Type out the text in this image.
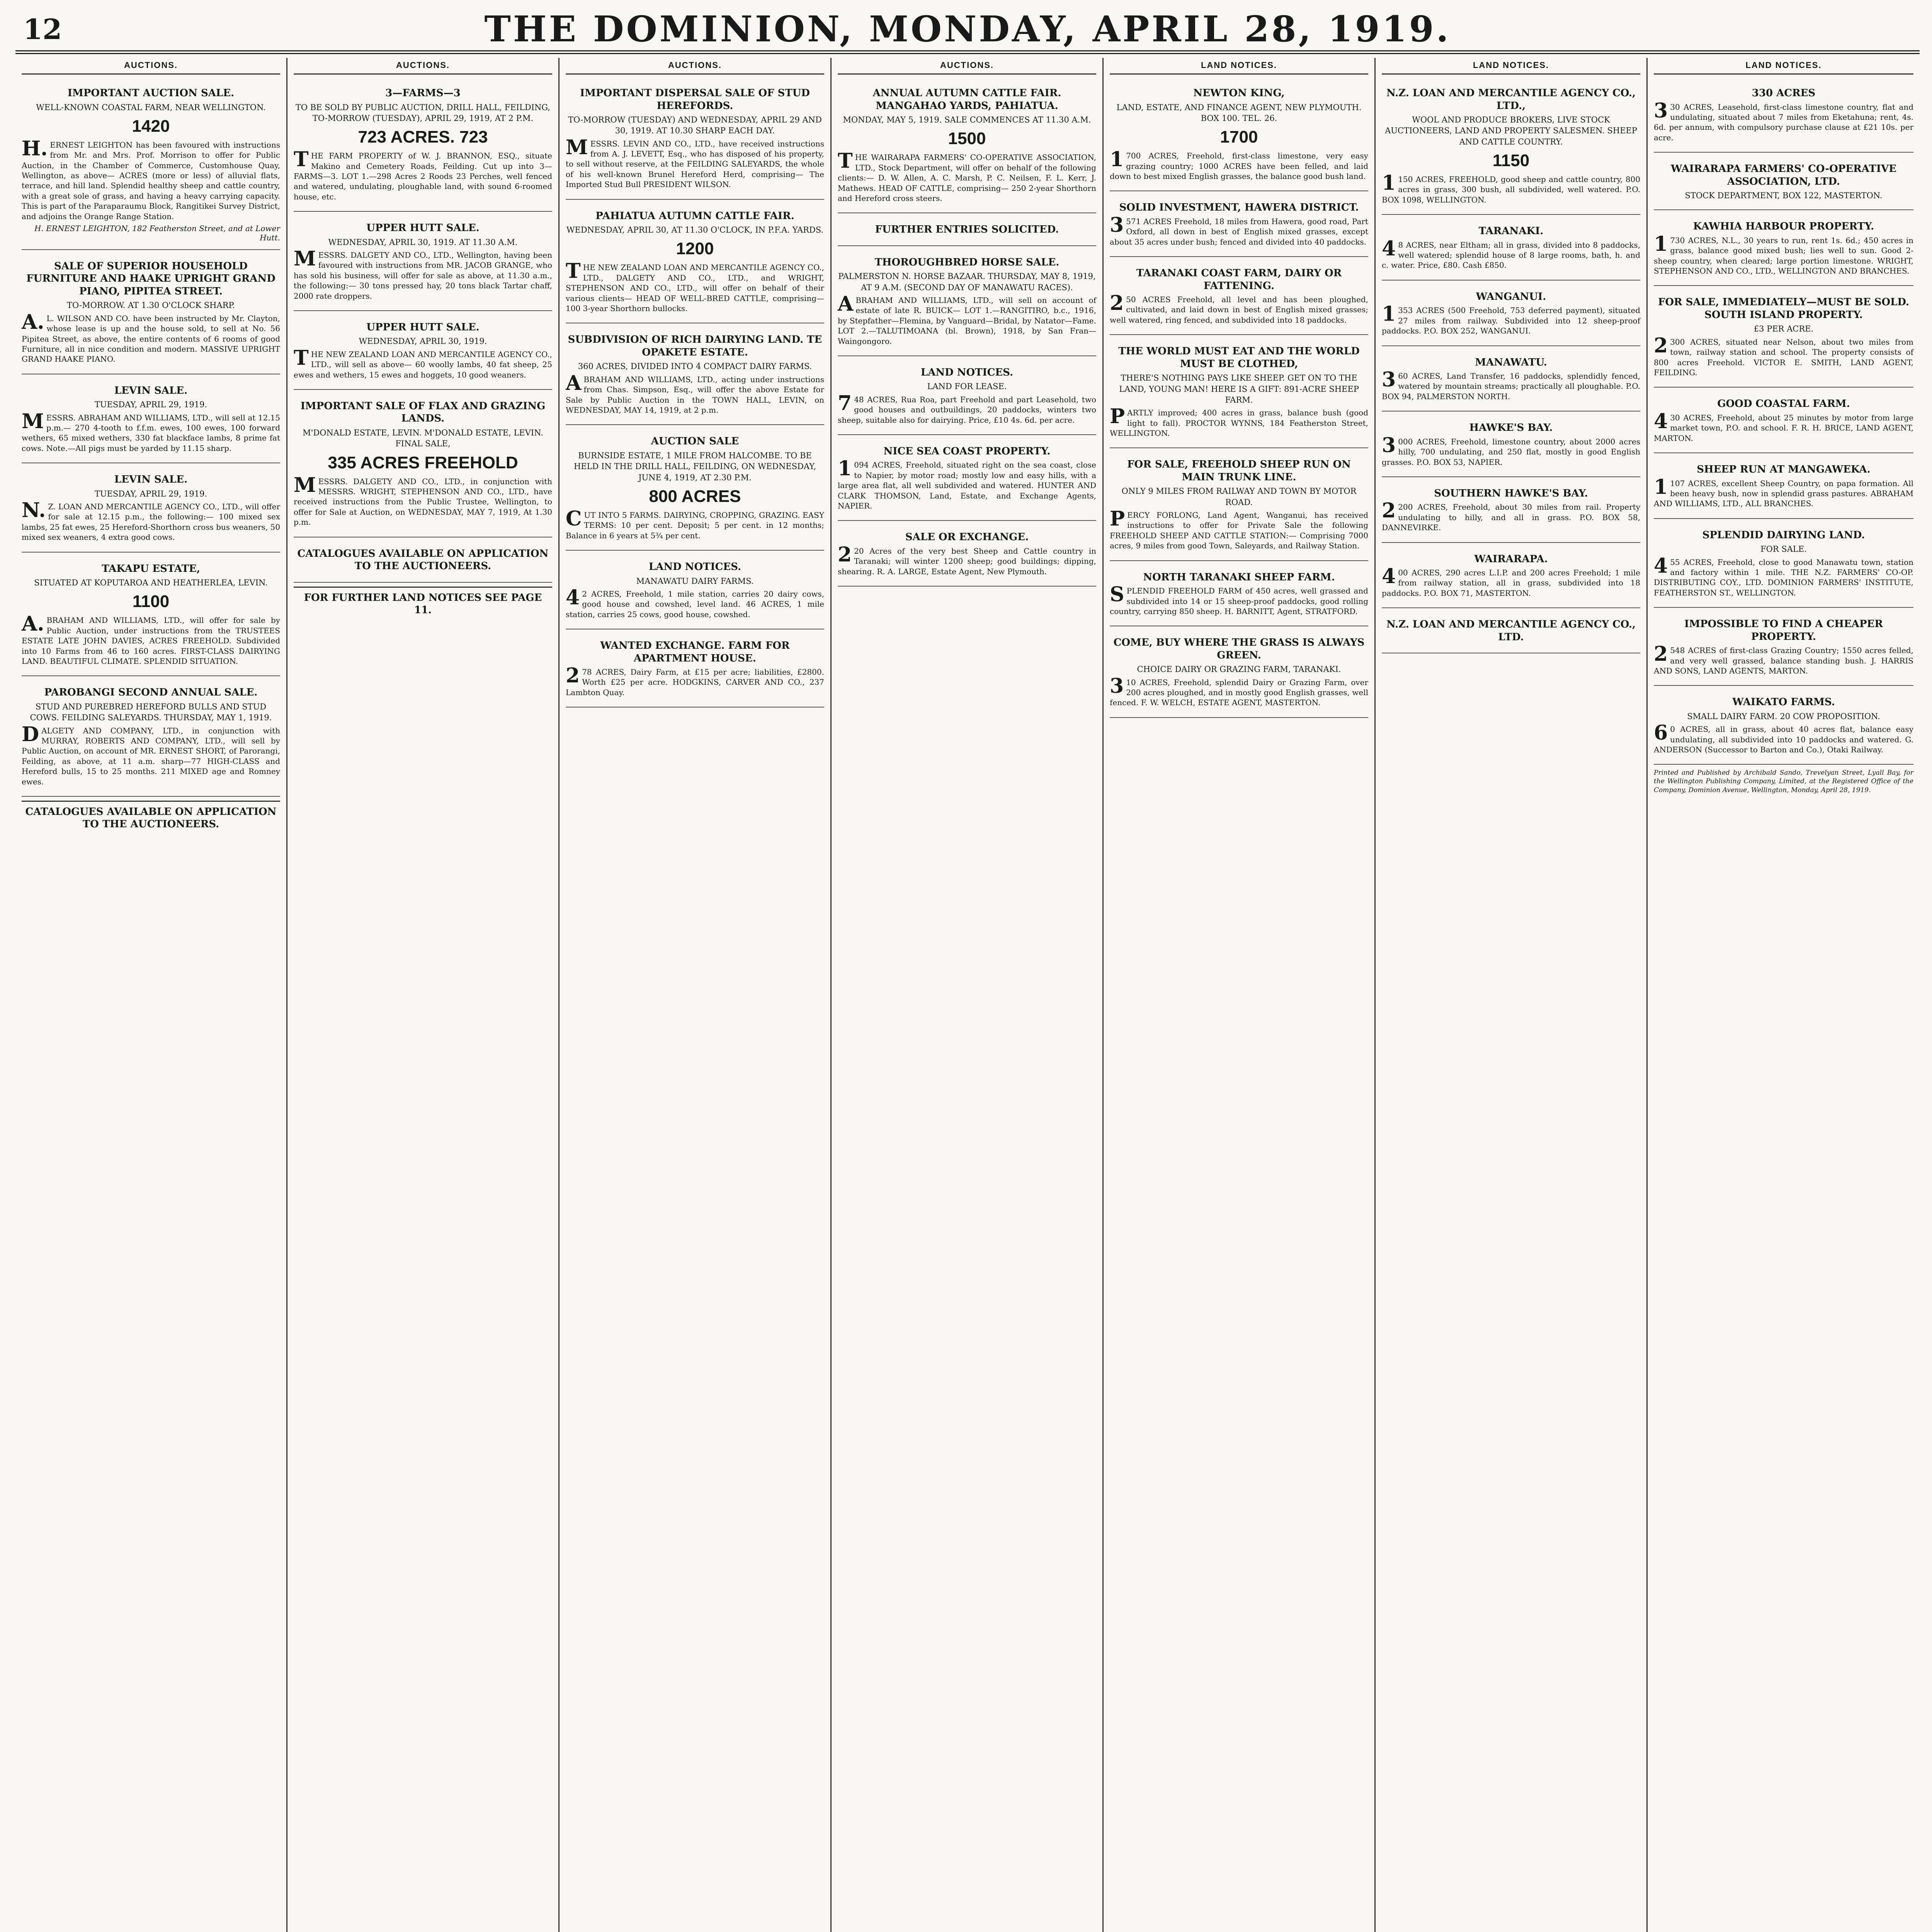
12	THE DOMINION, MONDAY, APRIL 28, 1919.
AUCTIONS.
IMPORTANT AUCTION SALE.
WELL-KNOWN COASTAL FARM, NEAR WELLINGTON.
1420
H.ERNEST LEIGHTON has been favoured with instructions from Mr. and Mrs. Prof. Morrison to offer for Public Auction, in the Chamber of Commerce, Customhouse Quay, Wellington, as above— ACRES (more or less) of alluvial flats, terrace, and hill land. Splendid healthy sheep and cattle country, with a great sole of grass, and having a heavy carrying capacity. This is part of the Paraparaumu Block, Rangitikei Survey District, and adjoins the Orange Range Station.
H. ERNEST LEIGHTON, 182 Featherston Street, and at Lower Hutt.
SALE OF SUPERIOR HOUSEHOLD FURNITURE AND HAAKE UPRIGHT GRAND PIANO, PIPITEA STREET.
TO-MORROW. AT 1.30 O'CLOCK SHARP.
A.L. WILSON AND CO. have been instructed by Mr. Clayton, whose lease is up and the house sold, to sell at No. 56 Pipitea Street, as above, the entire contents of 6 rooms of good Furniture, all in nice condition and modern. MASSIVE UPRIGHT GRAND HAAKE PIANO.
LEVIN SALE.
TUESDAY, APRIL 29, 1919.
MESSRS. ABRAHAM AND WILLIAMS, LTD., will sell at 12.15 p.m.— 270 4-tooth to f.f.m. ewes, 100 ewes, 100 forward wethers, 65 mixed wethers, 330 fat blackface lambs, 8 prime fat cows. Note.—All pigs must be yarded by 11.15 sharp.
LEVIN SALE.
TUESDAY, APRIL 29, 1919.
N.Z. LOAN AND MERCANTILE AGENCY CO., LTD., will offer for sale at 12.15 p.m., the following:— 100 mixed sex lambs, 25 fat ewes, 25 Hereford-Shorthorn cross bus weaners, 50 mixed sex weaners, 4 extra good cows.
TAKAPU ESTATE,
SITUATED AT KOPUTAROA AND HEATHERLEA, LEVIN.
1100
A.BRAHAM AND WILLIAMS, LTD., will offer for sale by Public Auction, under instructions from the TRUSTEES ESTATE LATE JOHN DAVIES, ACRES FREEHOLD. Subdivided into 10 Farms from 46 to 160 acres. FIRST-CLASS DAIRYING LAND. BEAUTIFUL CLIMATE. SPLENDID SITUATION.
PAROBANGI SECOND ANNUAL SALE.
STUD AND PUREBRED HEREFORD BULLS AND STUD COWS. FEILDING SALEYARDS. THURSDAY, MAY 1, 1919.
DALGETY AND COMPANY, LTD., in conjunction with MURRAY, ROBERTS AND COMPANY, LTD., will sell by Public Auction, on account of MR. ERNEST SHORT, of Parorangi, Feilding, as above, at 11 a.m. sharp—77 HIGH-CLASS and Hereford bulls, 15 to 25 months. 211 MIXED age and Romney ewes.
CATALOGUES AVAILABLE ON APPLICATION TO THE AUCTIONEERS.
AUCTIONS.
3—FARMS—3
TO BE SOLD BY PUBLIC AUCTION, DRILL HALL, FEILDING, TO-MORROW (TUESDAY), APRIL 29, 1919, AT 2 P.M.
723 ACRES. 723
THE FARM PROPERTY of W. J. BRANNON, ESQ., situate Makino and Cemetery Roads, Feilding. Cut up into 3—FARMS—3. LOT 1.—298 Acres 2 Roods 23 Perches, well fenced and watered, undulating, ploughable land, with sound 6-roomed house, etc.
UPPER HUTT SALE.
WEDNESDAY, APRIL 30, 1919. AT 11.30 A.M.
MESSRS. DALGETY AND CO., LTD., Wellington, having been favoured with instructions from MR. JACOB GRANGE, who has sold his business, will offer for sale as above, at 11.30 a.m., the following:— 30 tons pressed hay, 20 tons black Tartar chaff, 2000 rate droppers.
UPPER HUTT SALE.
WEDNESDAY, APRIL 30, 1919.
THE NEW ZEALAND LOAN AND MERCANTILE AGENCY CO., LTD., will sell as above— 60 woolly lambs, 40 fat sheep, 25 ewes and wethers, 15 ewes and hoggets, 10 good weaners.
IMPORTANT SALE OF FLAX AND GRAZING LANDS.
M'DONALD ESTATE, LEVIN. M'DONALD ESTATE, LEVIN. FINAL SALE,
335 ACRES FREEHOLD
MESSRS. DALGETY AND CO., LTD., in conjunction with MESSRS. WRIGHT, STEPHENSON AND CO., LTD., have received instructions from the Public Trustee, Wellington, to offer for Sale at Auction, on WEDNESDAY, MAY 7, 1919, At 1.30 p.m.
CATALOGUES AVAILABLE ON APPLICATION TO THE AUCTIONEERS.
FOR FURTHER LAND NOTICES SEE PAGE 11.
AUCTIONS.
IMPORTANT DISPERSAL SALE OF STUD HEREFORDS.
TO-MORROW (TUESDAY) AND WEDNESDAY, APRIL 29 AND 30, 1919. AT 10.30 SHARP EACH DAY.
MESSRS. LEVIN AND CO., LTD., have received instructions from A. J. LEVETT, Esq., who has disposed of his property, to sell without reserve, at the FEILDING SALEYARDS, the whole of his well-known Brunel Hereford Herd, comprising— The Imported Stud Bull PRESIDENT WILSON.
PAHIATUA AUTUMN CATTLE FAIR.
WEDNESDAY, APRIL 30, AT 11.30 O'CLOCK, IN P.F.A. YARDS.
1200
THE NEW ZEALAND LOAN AND MERCANTILE AGENCY CO., LTD., DALGETY AND CO., LTD., and WRIGHT, STEPHENSON AND CO., LTD., will offer on behalf of their various clients— HEAD OF WELL-BRED CATTLE, comprising— 100 3-year Shorthorn bullocks.
SUBDIVISION OF RICH DAIRYING LAND. TE OPAKETE ESTATE.
360 ACRES, DIVIDED INTO 4 COMPACT DAIRY FARMS.
ABRAHAM AND WILLIAMS, LTD., acting under instructions from Chas. Simpson, Esq., will offer the above Estate for Sale by Public Auction in the TOWN HALL, LEVIN, on WEDNESDAY, MAY 14, 1919, at 2 p.m.
AUCTION SALE
BURNSIDE ESTATE, 1 MILE FROM HALCOMBE. TO BE HELD IN THE DRILL HALL, FEILDING, ON WEDNESDAY, JUNE 4, 1919, AT 2.30 P.M.
800 ACRES
CUT INTO 5 FARMS. DAIRYING, CROPPING, GRAZING. EASY TERMS: 10 per cent. Deposit; 5 per cent. in 12 months; Balance in 6 years at 5¾ per cent.
LAND NOTICES.
MANAWATU DAIRY FARMS.
42 ACRES, Freehold, 1 mile station, carries 20 dairy cows, good house and cowshed, level land. 46 ACRES, 1 mile station, carries 25 cows, good house, cowshed.
WANTED EXCHANGE. FARM FOR APARTMENT HOUSE.
278 ACRES, Dairy Farm, at £15 per acre; liabilities, £2800. Worth £25 per acre. HODGKINS, CARVER AND CO., 237 Lambton Quay.
AUCTIONS.
ANNUAL AUTUMN CATTLE FAIR. MANGAHAO YARDS, PAHIATUA.
MONDAY, MAY 5, 1919. SALE COMMENCES AT 11.30 A.M.
1500
THE WAIRARAPA FARMERS' CO-OPERATIVE ASSOCIATION, LTD., Stock Department, will offer on behalf of the following clients:— D. W. Allen, A. C. Marsh, P. C. Neilsen, F. L. Kerr, J. Mathews. HEAD OF CATTLE, comprising— 250 2-year Shorthorn and Hereford cross steers.
FURTHER ENTRIES SOLICITED.
THOROUGHBRED HORSE SALE.
PALMERSTON N. HORSE BAZAAR. THURSDAY, MAY 8, 1919, AT 9 A.M. (SECOND DAY OF MANAWATU RACES).
ABRAHAM AND WILLIAMS, LTD., will sell on account of estate of late R. BUICK— LOT 1.—RANGITIRO, b.c., 1916, by Stepfather—Flemina, by Vanguard—Bridal, by Natator—Fame. LOT 2.—TALUTIMOANA (bl. Brown), 1918, by San Fran—Waingongoro.
LAND NOTICES.
LAND FOR LEASE.
748 ACRES, Rua Roa, part Freehold and part Leasehold, two good houses and outbuildings, 20 paddocks, winters two sheep, suitable also for dairying. Price, £10 4s. 6d. per acre.
NICE SEA COAST PROPERTY.
1094 ACRES, Freehold, situated right on the sea coast, close to Napier, by motor road; mostly low and easy hills, with a large area flat, all well subdivided and watered. HUNTER AND CLARK THOMSON, Land, Estate, and Exchange Agents, NAPIER.
SALE OR EXCHANGE.
220 Acres of the very best Sheep and Cattle country in Taranaki; will winter 1200 sheep; good buildings; dipping, shearing. R. A. LARGE, Estate Agent, New Plymouth.
LAND NOTICES.
NEWTON KING,
LAND, ESTATE, AND FINANCE AGENT, NEW PLYMOUTH. BOX 100. TEL. 26.
1700
1700 ACRES, Freehold, first-class limestone, very easy grazing country; 1000 ACRES have been felled, and laid down to best mixed English grasses, the balance good bush land.
SOLID INVESTMENT, HAWERA DISTRICT.
3571 ACRES Freehold, 18 miles from Hawera, good road, Part Oxford, all down in best of English mixed grasses, except about 35 acres under bush; fenced and divided into 40 paddocks.
TARANAKI COAST FARM, DAIRY OR FATTENING.
250 ACRES Freehold, all level and has been ploughed, cultivated, and laid down in best of English mixed grasses; well watered, ring fenced, and subdivided into 18 paddocks.
THE WORLD MUST EAT AND THE WORLD MUST BE CLOTHED,
THERE'S NOTHING PAYS LIKE SHEEP. GET ON TO THE LAND, YOUNG MAN! HERE IS A GIFT: 891-ACRE SHEEP FARM.
PARTLY improved; 400 acres in grass, balance bush (good light to fall). PROCTOR WYNNS, 184 Featherston Street, WELLINGTON.
FOR SALE, FREEHOLD SHEEP RUN ON MAIN TRUNK LINE.
ONLY 9 MILES FROM RAILWAY AND TOWN BY MOTOR ROAD.
PERCY FORLONG, Land Agent, Wanganui, has received instructions to offer for Private Sale the following FREEHOLD SHEEP AND CATTLE STATION:— Comprising 7000 acres, 9 miles from good Town, Saleyards, and Railway Station.
NORTH TARANAKI SHEEP FARM.
SPLENDID FREEHOLD FARM of 450 acres, well grassed and subdivided into 14 or 15 sheep-proof paddocks, good rolling country, carrying 850 sheep. H. BARNITT, Agent, STRATFORD.
COME, BUY WHERE THE GRASS IS ALWAYS GREEN.
CHOICE DAIRY OR GRAZING FARM, TARANAKI.
310 ACRES, Freehold, splendid Dairy or Grazing Farm, over 200 acres ploughed, and in mostly good English grasses, well fenced. F. W. WELCH, ESTATE AGENT, MASTERTON.
LAND NOTICES.
N.Z. LOAN AND MERCANTILE AGENCY CO., LTD.,
WOOL AND PRODUCE BROKERS, LIVE STOCK AUCTIONEERS, LAND AND PROPERTY SALESMEN. SHEEP AND CATTLE COUNTRY.
1150
1150 ACRES, FREEHOLD, good sheep and cattle country, 800 acres in grass, 300 bush, all subdivided, well watered. P.O. BOX 1098, WELLINGTON.
TARANAKI.
48 ACRES, near Eltham; all in grass, divided into 8 paddocks, well watered; splendid house of 8 large rooms, bath, h. and c. water. Price, £80. Cash £850.
WANGANUI.
1353 ACRES (500 Freehold, 753 deferred payment), situated 27 miles from railway. Subdivided into 12 sheep-proof paddocks. P.O. BOX 252, WANGANUI.
MANAWATU.
360 ACRES, Land Transfer, 16 paddocks, splendidly fenced, watered by mountain streams; practically all ploughable. P.O. BOX 94, PALMERSTON NORTH.
HAWKE'S BAY.
3000 ACRES, Freehold, limestone country, about 2000 acres hilly, 700 undulating, and 250 flat, mostly in good English grasses. P.O. BOX 53, NAPIER.
SOUTHERN HAWKE'S BAY.
2200 ACRES, Freehold, about 30 miles from rail. Property undulating to hilly, and all in grass. P.O. BOX 58, DANNEVIRKE.
WAIRARAPA.
400 ACRES, 290 acres L.I.P. and 200 acres Freehold; 1 mile from railway station, all in grass, subdivided into 18 paddocks. P.O. BOX 71, MASTERTON.
N.Z. LOAN AND MERCANTILE AGENCY CO., LTD.
LAND NOTICES.
330 ACRES
330 ACRES, Leasehold, first-class limestone country, flat and undulating, situated about 7 miles from Eketahuna; rent, 4s. 6d. per annum, with compulsory purchase clause at £21 10s. per acre.
WAIRARAPA FARMERS' CO-OPERATIVE ASSOCIATION, LTD.
STOCK DEPARTMENT, BOX 122, MASTERTON.
KAWHIA HARBOUR PROPERTY.
1730 ACRES, N.L., 30 years to run, rent 1s. 6d.; 450 acres in grass, balance good mixed bush; lies well to sun. Good 2-sheep country, when cleared; large portion limestone. WRIGHT, STEPHENSON AND CO., LTD., WELLINGTON AND BRANCHES.
FOR SALE, IMMEDIATELY—MUST BE SOLD. SOUTH ISLAND PROPERTY.
£3 PER ACRE.
2300 ACRES, situated near Nelson, about two miles from town, railway station and school. The property consists of 800 acres Freehold. VICTOR E. SMITH, LAND AGENT, FEILDING.
GOOD COASTAL FARM.
430 ACRES, Freehold, about 25 minutes by motor from large market town, P.O. and school. F. R. H. BRICE, LAND AGENT, MARTON.
SHEEP RUN AT MANGAWEKA.
1107 ACRES, excellent Sheep Country, on papa formation. All been heavy bush, now in splendid grass pastures. ABRAHAM AND WILLIAMS, LTD., ALL BRANCHES.
SPLENDID DAIRYING LAND.
FOR SALE.
455 ACRES, Freehold, close to good Manawatu town, station and factory within 1 mile. THE N.Z. FARMERS' CO-OP. DISTRIBUTING COY., LTD. DOMINION FARMERS' INSTITUTE, FEATHERSTON ST., WELLINGTON.
IMPOSSIBLE TO FIND A CHEAPER PROPERTY.
2548 ACRES of first-class Grazing Country; 1550 acres felled, and very well grassed, balance standing bush. J. HARRIS AND SONS, LAND AGENTS, MARTON.
WAIKATO FARMS.
SMALL DAIRY FARM. 20 COW PROPOSITION.
60 ACRES, all in grass, about 40 acres flat, balance easy undulating, all subdivided into 10 paddocks and watered. G. ANDERSON (Successor to Barton and Co.), Otaki Railway.
Printed and Published by Archibald Sando, Trevelyan Street, Lyall Bay, for the Wellington Publishing Company, Limited, at the Registered Office of the Company, Dominion Avenue, Wellington, Monday, April 28, 1919.
